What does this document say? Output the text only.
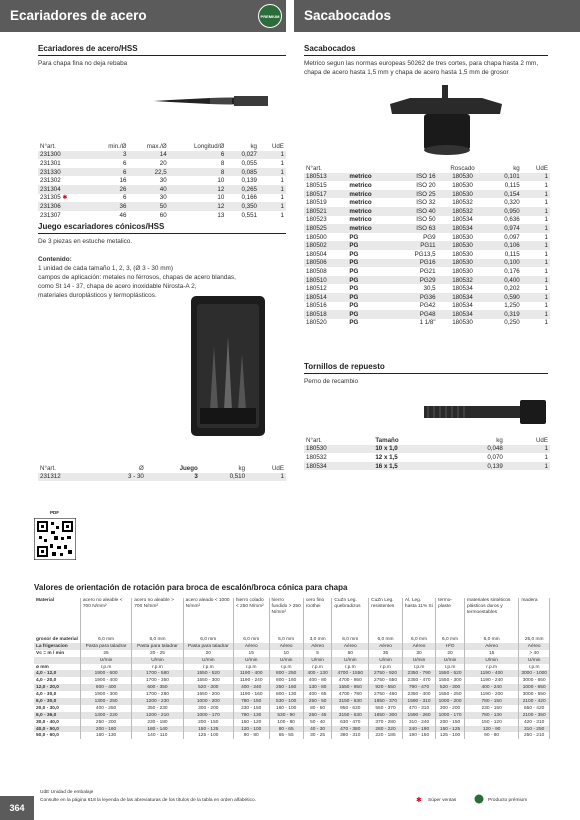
Ecariadores de acero	PREMIUM	Sacabocados
Ecariadores de acero/HSS
Para chapa fina no deja rebaba
N°art.	min./Ø	max./Ø	Longitud/Ø	kg	UdE
231300	3	14	6	0,027	1
231301	6	20	8	0,055	1
231330	6	22,5	8	0,085	1
231302	16	30	10	0,139	1
231304	26	40	12	0,265	1
231305 ✱	6	30	10	0,166	1
231306	36	50	12	0,350	1
231307	46	60	13	0,551	1
Juego escariadores cónicos/HSS
De 3 piezas en estuche metalico.
Contenido:
1 unidad de cada tamaño 1, 2, 3, (Ø 3 - 30 mm)
campos de aplicación: metales no férrosos, chapas de acero blandas,
como St 14 - 37, chapa de acero inoxidable Nirosta-A 2,
materiales duroplásticos y termoplásticos.
N°art.	Ø	Juego	kg	UdE
231312	3 - 30	3	0,510	1
PDF
Sacabocados
Metrico segun las normas europeas 50262 de tres cortes, para chapa hasta 2 mm, chapa de acero hasta 1,5 mm y chapa de acero hasta 1,5 mm de grosor
N°art.			Roscado	kg	UdE
180513	metrico	ISO 16	180530	0,101	1
180515	metrico	ISO 20	180530	0,115	1
180517	metrico	ISO 25	180530	0,154	1
180519	metrico	ISO 32	180532	0,320	1
180521	metrico	ISO 40	180532	0,950	1
180523	metrico	ISO 50	180534	0,636	1
180525	metrico	ISO 63	180534	0,974	1
180500	PG	PG9	180530	0,097	1
180502	PG	PG11	180530	0,106	1
180504	PG	PG13,5	180530	0,115	1
180506	PG	PG16	180530	0,100	1
180508	PG	PG21	180530	0,176	1
180510	PG	PG29	180532	0,400	1
180512	PG	30,5	180534	0,202	1
180514	PG	PG36	180534	0,590	1
180516	PG	PG42	180534	1,250	1
180518	PG	PG48	180534	0,319	1
180520	PG	1 1/8"	180530	0,250	1
Tornillos de repuesto
Perno de recambio
N°art.	Tamaño	kg	UdE
180530	10 x 1,0	0,048	1
180532	12 x 1,5	0,070	1
180534	16 x 1,5	0,139	1
Valores de orientación de rotación para broca de escalón/broca cónica para chapa
Material	acero no aleable < 700 N/mm²	acero no aleable > 700 N/mm²	acero aleado < 1000 N/mm²	hierro colado < 250 N/mm²	hierro fundido > 250 N/mm²	cero fino roothei	CuZn Leg. quebradizos	CuZn Leg. resistentes	Al. Leg. hasta 11% Si	termo-plaste	materiales sintéticos plásticos duros y termoestables	madera
grosor de material	6,0 mm	6,0 mm	6,0 mm	6,0 mm	6,0 mm	3,0 mm	6,0 mm	6,0 mm	6,0 mm	6,0 mm	6,0 mm	25,0 mm
La frigeracion	Pasta para taladrar	Pasta para taladrar	Pasta para taladrar	Aéreo	Aéreo	Aéreo	Aéreo	Aéreo	Aéreo	H²O	Aéreo	Aéreo
Vc = m / min	25	20 - 25	20	15	10	5	60	35	30	20	15	> 40
	U/min	U/min	U/min	U/min	U/min	U/min	U/min	U/min	U/min	U/min	U/min	U/min
ø mm	r.p.m	r.p.m	r.p.m	r.p.m	r.p.m	r.p.m	r.p.m	r.p.m	r.p.m	r.p.m	r.p.m	r.p.m
4,0 - 12,0	1900 - 600	1700 - 580	1550 - 520	1190 - 400	800 - 250	400 - 130	4700 - 1550	2750 - 920	2350 - 790	1550 - 520	1190 - 400	3000 - 1000
4,0 - 20,0	1900 - 400	1700 - 350	1550 - 300	1190 - 240	800 - 160	400 - 80	4700 - 950	2750 - 550	2350 - 470	1550 - 300	1190 - 240	3000 - 650
12,0 - 20,0	600 - 400	600 - 350	520 - 300	400 - 240	250 - 160	130 - 80	1550 - 950	920 - 550	790 - 470	520 - 300	400 - 240	1000 - 650
4,0 - 30,0	1900 - 300	1700 - 280	1550 - 200	1190 - 160	800 - 130	400 - 65	4700 - 780	2750 - 460	2350 - 400	1550 - 250	1190 - 200	3000 - 550
6,0 - 30,0	1300 - 250	1200 - 230	1000 - 200	780 - 150	530 - 100	250 - 50	3150 - 630	1850 - 370	1590 - 310	1000 - 200	780 - 150	2100 - 420
20,0 - 30,0	400 - 250	350 - 230	300 - 200	230 - 150	160 - 100	80 - 50	950 - 630	550 - 370	470 - 310	300 - 200	230 - 150	650 - 420
6,0 - 36,0	1300 - 220	1200 - 210	1000 - 170	780 - 130	530 - 90	250 - 45	3150 - 530	1850 - 300	1590 - 260	1000 - 170	780 - 130	2100 - 350
30,0 - 40,0	250 - 200	230 - 180	200 - 150	150 - 120	100 - 80	50 - 40	630 - 470	370 - 280	310 - 240	200 - 150	150 - 120	420 - 310
40,0 - 50,0	200 - 160	180 - 140	150 - 125	120 - 100	80 - 65	40 - 30	470 - 380	280 - 220	240 - 190	150 - 125	120 - 90	310 - 250
50,0 - 60,0	160 - 130	140 - 110	125 - 100	90 - 80	65 - 55	30 - 25	380 - 310	220 - 185	190 - 150	125 - 100	90 - 80	250 - 210
364
UdE Unidad de embalaje
Consulte en la página 618 la leyenda de las abreviaturas de los títulos de la tabla en orden alfabético.	✱ Súper ventas	Producto prémium
